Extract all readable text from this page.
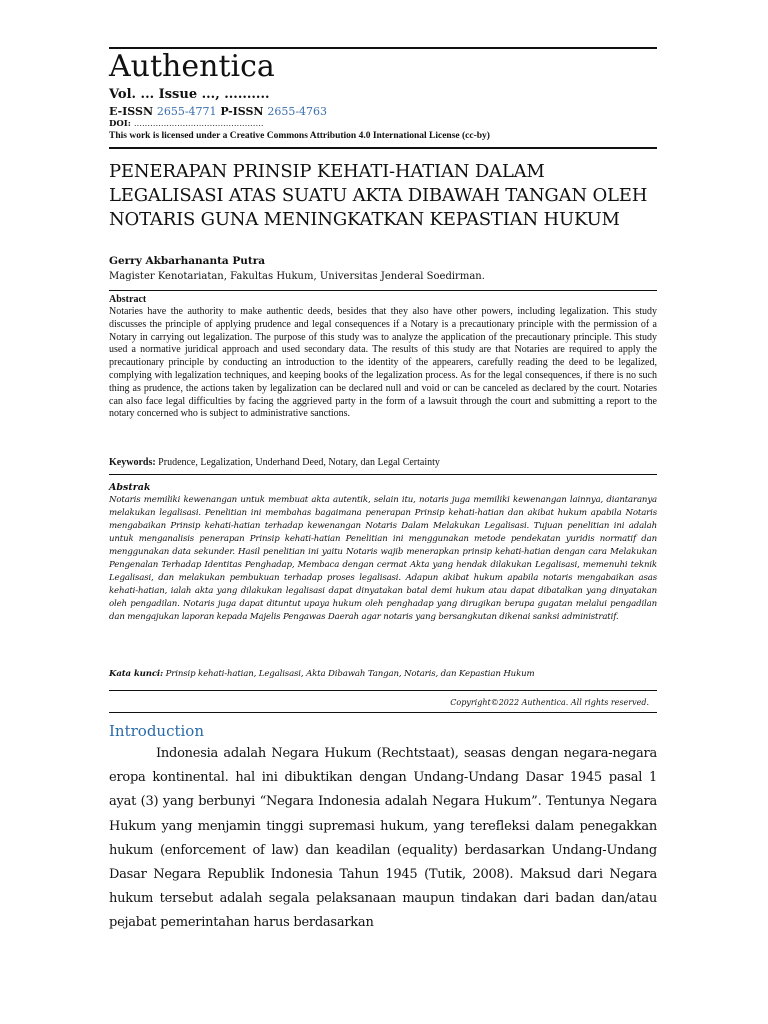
Authentica
Vol. ... Issue ..., ..........
E-ISSN 2655-4771 P-ISSN 2655-4763
DOI: ................................................
This work is licensed under a Creative Commons Attribution 4.0 International License (cc-by)
PENERAPAN PRINSIP KEHATI-HATIAN DALAM LEGALISASI ATAS SUATU AKTA DIBAWAH TANGAN OLEH NOTARIS GUNA MENINGKATKAN KEPASTIAN HUKUM
Gerry Akbarhananta Putra
Magister Kenotariatan, Fakultas Hukum, Universitas Jenderal Soedirman.
Abstract
Notaries have the authority to make authentic deeds, besides that they also have other powers, including legalization. This study discusses the principle of applying prudence and legal consequences if a Notary is a precautionary principle with the permission of a Notary in carrying out legalization. The purpose of this study was to analyze the application of the precautionary principle. This study used a normative juridical approach and used secondary data. The results of this study are that Notaries are required to apply the precautionary principle by conducting an introduction to the identity of the appearers, carefully reading the deed to be legalized, complying with legalization techniques, and keeping books of the legalization process. As for the legal consequences, if there is no such thing as prudence, the actions taken by legalization can be declared null and void or can be canceled as declared by the court. Notaries can also face legal difficulties by facing the aggrieved party in the form of a lawsuit through the court and submitting a report to the notary concerned who is subject to administrative sanctions.
Keywords: Prudence, Legalization, Underhand Deed, Notary, dan Legal Certainty
Abstrak
Notaris memiliki kewenangan untuk membuat akta autentik, selain itu, notaris juga memiliki kewenangan lainnya, diantaranya melakukan legalisasi. Penelitian ini membahas bagaimana penerapan Prinsip kehati-hatian dan akibat hukum apabila Notaris mengabaikan Prinsip kehati-hatian terhadap kewenangan Notaris Dalam Melakukan Legalisasi. Tujuan penelitian ini adalah untuk menganalisis penerapan Prinsip kehati-hatian Penelitian ini menggunakan metode pendekatan yuridis normatif dan menggunakan data sekunder. Hasil penelitian ini yaitu Notaris wajib menerapkan prinsip kehati-hatian dengan cara Melakukan Pengenalan Terhadap Identitas Penghadap, Membaca dengan cermat Akta yang hendak dilakukan Legalisasi, memenuhi teknik Legalisasi, dan melakukan pembukuan terhadap proses legalisasi. Adapun akibat hukum apabila notaris mengabaikan asas kehati-hatian, ialah akta yang dilakukan legalisasi dapat dinyatakan batal demi hukum atau dapat dibatalkan yang dinyatakan oleh pengadilan. Notaris juga dapat dituntut upaya hukum oleh penghadap yang dirugikan berupa gugatan melalui pengadilan dan mengajukan laporan kepada Majelis Pengawas Daerah agar notaris yang bersangkutan dikenai sanksi administratif.
Kata kunci: Prinsip kehati-hatian, Legalisasi, Akta Dibawah Tangan, Notaris, dan Kepastian Hukum
Copyright©2022 Authentica. All rights reserved.
Introduction

Indonesia adalah Negara Hukum (Rechtstaat), seasas dengan negara-negara eropa kontinental. hal ini dibuktikan dengan Undang-Undang Dasar 1945 pasal 1 ayat (3) yang berbunyi “Negara Indonesia adalah Negara Hukum”. Tentunya Negara Hukum yang menjamin tinggi supremasi hukum, yang terefleksi dalam penegakkan hukum (enforcement of law) dan keadilan (equality) berdasarkan Undang-Undang Dasar Negara Republik Indonesia Tahun 1945 (Tutik, 2008). Maksud dari Negara hukum tersebut adalah segala pelaksanaan maupun tindakan dari badan dan/atau pejabat pemerintahan harus berdasarkan
